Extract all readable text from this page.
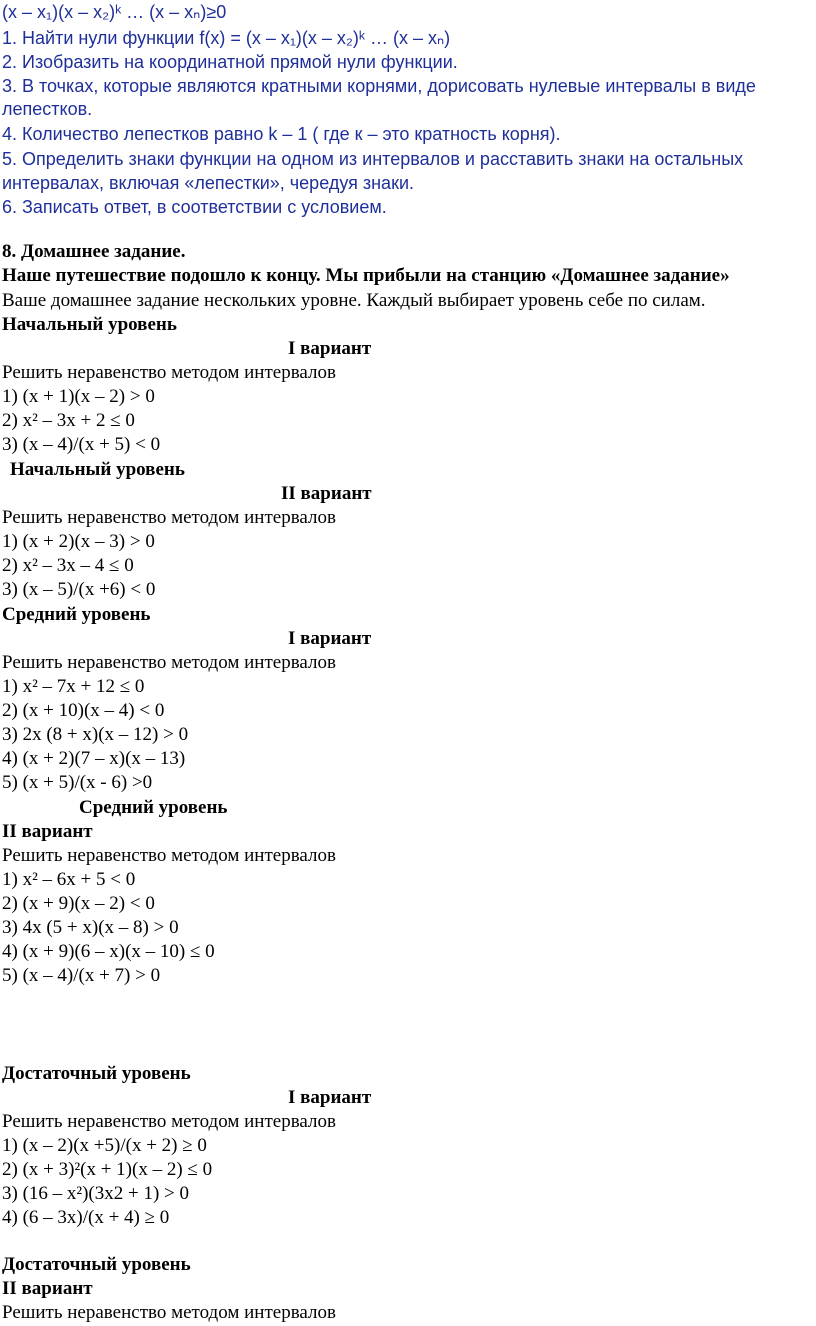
(x – x₁)(x – x₂)ᵏ … (x – xₙ)≥0
1. Найти нули функции f(x) = (x – x₁)(x – x₂)ᵏ … (x – xₙ)
2. Изобразить на координатной прямой нули функции.
3. В точках, которые являются кратными корнями, дорисовать нулевые интервалы в виде
лепестков.
4. Количество лепестков равно k – 1 ( где к – это кратность корня).
5. Определить знаки функции на одном из интервалов и расставить знаки на остальных
интервалах, включая «лепестки», чередуя знаки.
6. Записать ответ, в соответствии с условием.
8. Домашнее задание.
Наше путешествие подошло к концу. Мы прибыли на станцию «Домашнее задание»
Ваше домашнее задание нескольких уровне. Каждый выбирает уровень себе по силам.
Начальный уровень
I вариант
Решить неравенство методом интервалов
1) (x + 1)(x – 2) > 0
2) x² – 3x + 2 ≤ 0
3) (x – 4)/(x + 5) < 0
Начальный уровень
II вариант
Решить неравенство методом интервалов
1) (x + 2)(x – 3) > 0
2) x² – 3x – 4 ≤ 0
3) (x – 5)/(x +6) < 0
Средний уровень
I вариант
Решить неравенство методом интервалов
1) x² – 7x + 12 ≤ 0
2) (x + 10)(x – 4) < 0
3) 2x (8 + x)(x – 12) > 0
4) (x + 2)(7 – x)(x – 13)
5) (x + 5)/(x - 6) >0
Средний уровень
II вариант
Решить неравенство методом интервалов
1) x² – 6x + 5 < 0
2) (x + 9)(x – 2) < 0
3) 4x (5 + x)(x – 8) > 0
4) (x + 9)(6 – x)(x – 10) ≤ 0
5) (x – 4)/(x + 7) > 0
Достаточный уровень
I вариант
Решить неравенство методом интервалов
1) (x – 2)(x +5)/(x + 2) ≥ 0
2) (x + 3)²(x + 1)(x – 2) ≤ 0
3) (16 – x²)(3x2 + 1) > 0
4) (6 – 3x)/(x + 4) ≥ 0
Достаточный уровень
II вариант
Решить неравенство методом интервалов
